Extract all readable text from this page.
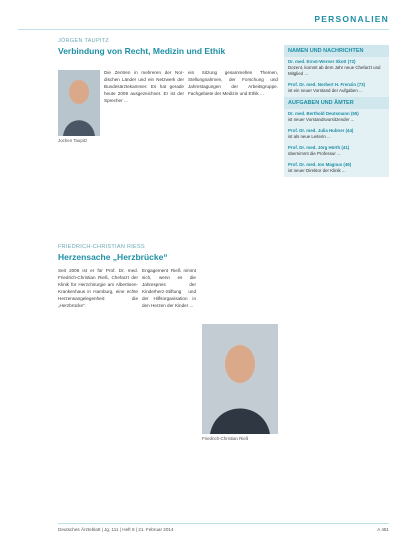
PERSONALIEN
JÖRGEN TAUPITZ
Verbindung von Recht, Medizin und Ethik
Jochen Taupitz
Die Zentren in mehreren der Nor-dischen Länder und ein Netzwerk der Bundesärztekammer. Es hat gerade heute 2009 ausgezeichnet. Er ist der Sprecher ...
ein Sitzung gesammelten Themen, Stellungnahmen, der Forschung und Jahrestagungen der Arbeitsgruppe. Fachgebiete der Medizin und Ethik ...
FRIEDRICH-CHRISTIAN RIESS
Herzensache „Herzbrücke“
Seit 2006 ist er für Prof. Dr. med. Friedrich-Christian Rieß, Chefarzt der Klinik für Herzchirurgie am Albertinen-Krankenhaus in Hamburg, eine echte Herzensangelegenheit: die „Herzbrücke“.
Engagement Rieß nimmt sich, wenn es die Jahrespreis der Kinderherz-Stiftung und der Hilfsorganisation in den Herzen der Kinder ...
Friedrich-Christian Rieß
NAMEN UND NACHRICHTEN
Dr. med. Ernst-Werner Skott (72)
Dozent, kommt ab dem Jahr neue Chefarzt und Mitglied ...
Prof. Dr. med. Norbert H. Frenzin (73)
ist ein neuer Vorstand der Aufgaben ...
AUFGABEN UND ÄMTER
Dr. med. Berthold Deutsmann (55)
ist neuer Vorstandsvorsitzender ...
Prof. Dr. med. Julia Hubner (44)
ist als neue Leiterin ...
Prof. Dr. med. Jörg Hörth (41)
übernimmt die Professur ...
Prof. Dr. med. Ion Magnus (49)
ist neuer Direktor der Klinik ...
Deutsches Ärzteblatt | Jg. 111 | Heft 8 | 21. Februar 2014	A 481
